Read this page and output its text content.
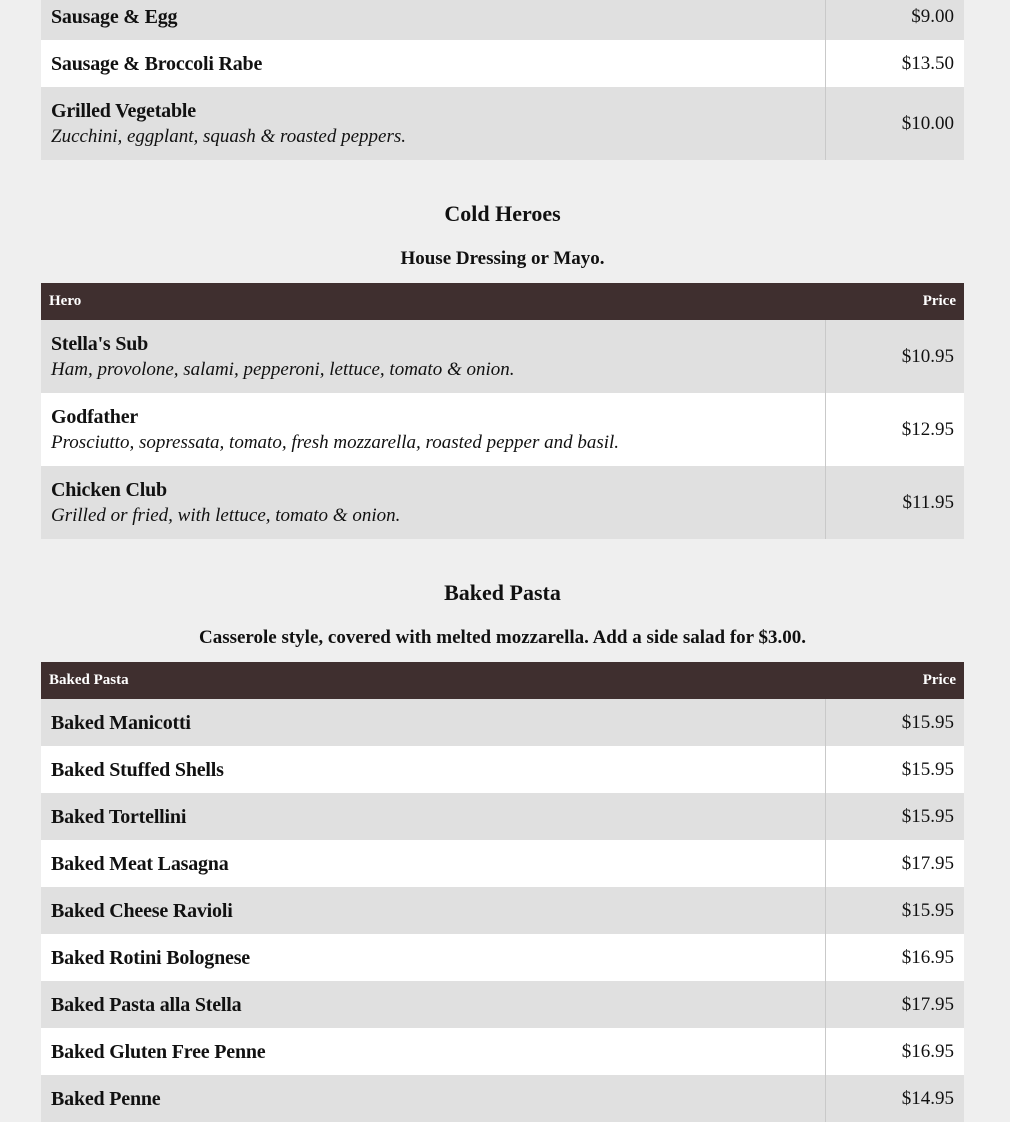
Sausage & Egg	$9.00

Sausage & Broccoli Rabe	$13.50

Grilled Vegetable
Zucchini, eggplant, squash & roasted peppers.	$10.00
Cold Heroes

House Dressing or Mayo.

Hero	Price

Stella's Sub
Ham, provolone, salami, pepperoni, lettuce, tomato & onion.	$10.95

Godfather
Prosciutto, sopressata, tomato, fresh mozzarella, roasted pepper and basil.	$12.95

Chicken Club
Grilled or fried, with lettuce, tomato & onion.	$11.95
Baked Pasta

Casserole style, covered with melted mozzarella. Add a side salad for $3.00.

Baked Pasta	Price

Baked Manicotti	$15.95

Baked Stuffed Shells	$15.95

Baked Tortellini	$15.95

Baked Meat Lasagna	$17.95

Baked Cheese Ravioli	$15.95

Baked Rotini Bolognese	$16.95

Baked Pasta alla Stella	$17.95

Baked Gluten Free Penne	$16.95

Baked Penne	$14.95
